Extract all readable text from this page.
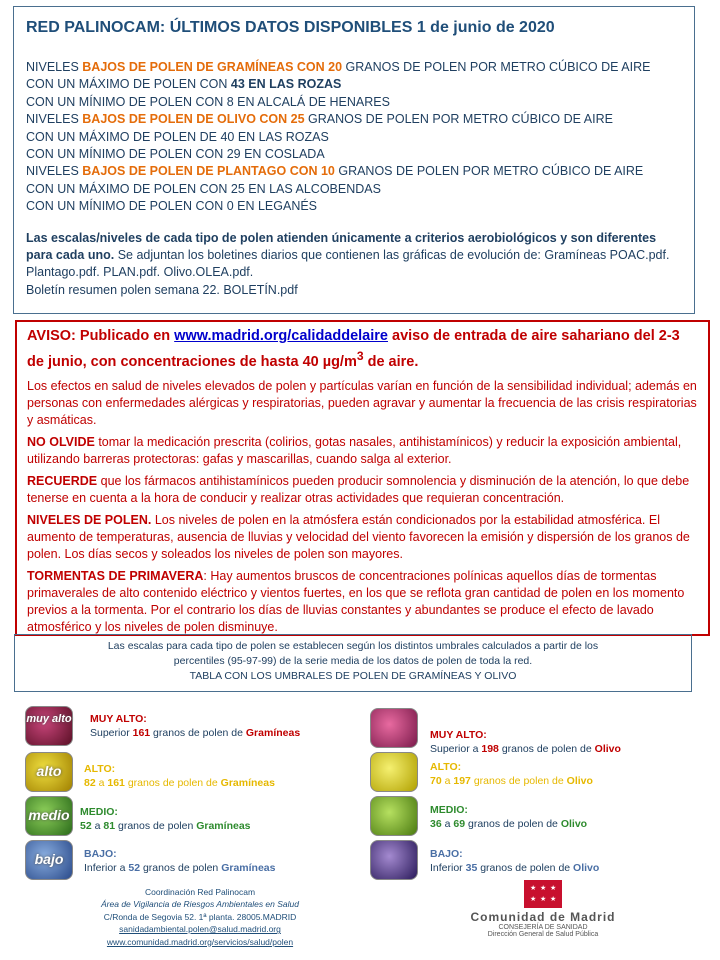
RED PALINOCAM: ÚLTIMOS DATOS DISPONIBLES 1 de junio de 2020
NIVELES BAJOS DE POLEN DE GRAMÍNEAS CON 20 GRANOS DE POLEN POR METRO CÚBICO DE AIRE
CON UN MÁXIMO DE POLEN CON 43 EN LAS ROZAS
CON UN MÍNIMO DE POLEN CON 8 EN ALCALÁ DE HENARES
NIVELES BAJOS DE POLEN DE OLIVO CON 25 GRANOS DE POLEN POR METRO CÚBICO DE AIRE
CON UN MÁXIMO DE POLEN DE 40 EN LAS ROZAS
CON UN MÍNIMO DE POLEN CON 29 EN COSLADA
NIVELES BAJOS DE POLEN DE PLANTAGO CON 10 GRANOS DE POLEN POR METRO CÚBICO DE AIRE
CON UN MÁXIMO DE POLEN CON 25 EN LAS ALCOBENDAS
CON UN MÍNIMO DE POLEN CON 0 EN LEGANÉS
Las escalas/niveles de cada tipo de polen atienden únicamente a criterios aerobiológicos y son diferentes para cada uno. Se adjuntan los boletines diarios que contienen las gráficas de evolución de: Gramíneas POAC.pdf. Plantago.pdf. PLAN.pdf. Olivo.OLEA.pdf.
Boletín resumen polen semana 22. BOLETÍN.pdf
AVISO: Publicado en www.madrid.org/calidaddelaire aviso de entrada de aire sahariano del 2-3 de junio, con concentraciones de hasta 40 $\mu g/m^3$ de aire.
Los efectos en salud de niveles elevados de polen y partículas varían en función de la sensibilidad individual; además en personas con enfermedades alérgicas y respiratorias, pueden agravar y aumentar la frecuencia de las crisis respiratorias y asmáticas.
NO OLVIDE tomar la medicación prescrita (colirios, gotas nasales, antihistamínicos) y reducir la exposición ambiental, utilizando barreras protectoras: gafas y mascarillas, cuando salga al exterior.
RECUERDE que los fármacos antihistamínicos pueden producir somnolencia y disminución de la atención, lo que debe tenerse en cuenta a la hora de conducir y realizar otras actividades que requieran concentración.
NIVELES DE POLEN. Los niveles de polen en la atmósfera están condicionados por la estabilidad atmosférica. El aumento de temperaturas, ausencia de lluvias y velocidad del viento favorecen la emisión y dispersión de los granos de polen. Los días secos y soleados los niveles de polen son mayores.
TORMENTAS DE PRIMAVERA: Hay aumentos bruscos de concentraciones polínicas aquellos días de tormentas primaverales de alto contenido eléctrico y vientos fuertes, en los que se reflota gran cantidad de polen en los momento previos a la tormenta. Por el contrario los días de lluvias constantes y abundantes se produce el efecto de lavado atmosférico y los niveles de polen disminuye.
Las escalas para cada tipo de polen se establecen según los distintos umbrales calculados a partir de los percentiles (95-97-99) de la serie media de los datos de polen de toda la red.
TABLA CON LOS UMBRALES DE POLEN DE GRAMÍNEAS Y OLIVO
muy alto MUY ALTO:
Superior 161 granos de polen de Gramíneas
alto	ALTO:
82 a 161 granos de polen de Gramíneas
medio MEDIO:
52 a 81 granos de polen Gramíneas
bajo	BAJO:
Inferior a 52 granos de polen Gramíneas
MUY ALTO:
Superior a 198 granos de polen de Olivo
ALTO:
70 a 197 granos de polen de Olivo
MEDIO:
36 a 69 granos de polen de Olivo
BAJO:
Inferior 35 granos de polen de Olivo
Coordinación Red Palinocam
Área de Vigilancia de Riesgos Ambientales en Salud
C/Ronda de Segovia 52. 1ª planta. 28005.MADRID
sanidadambiental.polen@salud.madrid.org
www.comunidad.madrid.org/servicios/salud/polen
★ ★ ★
★ ★ ★
Comunidad de Madrid
CONSEJERÍA DE SANIDAD
Dirección General de Salud Pública
